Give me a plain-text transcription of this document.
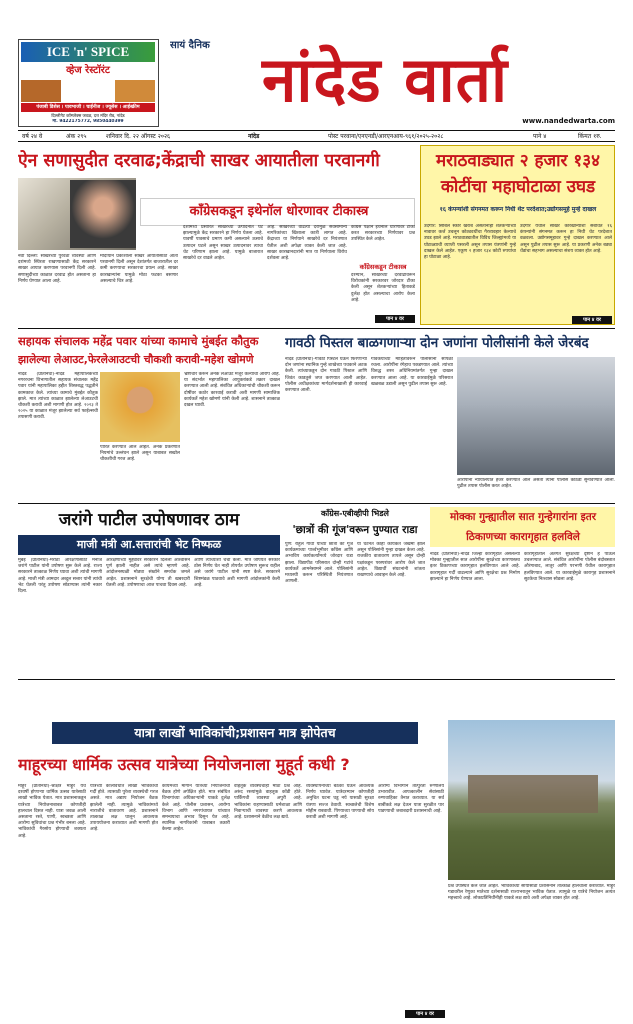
ICE 'n' SPICE
व्हेज रेस्टॉरंट
पंजाबी डिशेस । पावभाजी । चाईनीज । ज्यूसेस । आईस्क्रीम
दिल्लीगेट कॉम्प्लेक्स जवळ, दत्त मंदिर रोड, नांदेड
मो. 9422175772, 9850440399
सायं दैनिक नांदेड वार्ता
www.nandedwarta.com
वर्ष २४ वे	अंक २९५	शनिवार दि. २२ ऑगस्ट २०२६	नांदेड	पोस्ट परवाना/एनएनडी/आरएनआय-९६१/२०२५-२०२८	पाने ४	किंमत १रु.
ऐन सणासुदीत दरवाढ;केंद्राची साखर आयातीला परवानगी
कॉंग्रेसकडून इथेनॉल धोरणावर टीकास्त्र

नवी दिल्ली: साखरेच्या पुरवठा व्यवस्था आणि दरांमध्ये स्थिरता राखण्यासाठी केंद्र सरकारने साखर आयात करण्यास परवानगी दिली आहे. सणासुदीच्या काळात दरवाढ होत असताना हा निर्णय घेण्यात आला आहे.

मोदीयाने प्रकाशाला साखर आयातीसाठी आता परवानगी दिली असून देशांतर्गत बाजारातील दर कमी करण्याचा सरकारचा प्रयत्न आहे. साखर कारखान्यांना यामुळे मोठा फटका बसणार असल्याचे चित्र आहे.

देशामध्ये प्रसारित साखरेच्या उत्पादनात घट झाल्यामुळे केंद्र सरकारने हा निर्णय घेतला आहे. यावर्षी पावसाचे प्रमाण कमी असल्याने ऊसाचे उत्पादन घटले असून साखर उत्पादनावर त्याचा थेट परिणाम झाला आहे. यामुळे बाजारात साखरेचे दर वाढले आहेत.

आहे. साखरेच्या वाढत्या दरांमुळे सर्वसामान्य नागरिकांच्या खिशाला कात्री लागत आहे. केंद्राच्या या निर्णयाने साखरेचे दर नियंत्रणात येतील अशी अपेक्षा व्यक्त केली जात आहे. साखर कारखानदारांनी मात्र या निर्णयाला विरोध दर्शवला आहे.

काँग्रेस पक्षाने इथेनॉल धोरणावर टीका करत सरकारच्या निर्णयावर प्रश्न उपस्थित केले आहेत.

कॉंग्रेसकडून टीकास्त्र

दरम्यान, साखरेच्या दरवाढीवरून विरोधकांनी सरकारवर जोरदार टीका केली असून शेतकऱ्यांच्या हिताकडे दुर्लक्ष होत असल्याचा आरोप केला आहे.

पान ४ वर
मराठवाड्यात २ हजार १३४ कोटींचा महाघोटाळा उघड
१६ कंपन्यांशी संगनमत करून निधी थेट परदेशात;उद्योगसमूहे मुन्हे दाखल

उदगीर: सिबिल स्कोर खराब असतानाही शेतकऱ्यांच्या नावावर कर्ज उचलून कोट्यवधींचा गैरव्यवहार केल्याचे उघड झाले आहे. मराठवाड्यातील विविध जिल्ह्यांमध्ये या घोटाळ्याची व्याप्ती पसरली असून तपास यंत्रणांनी गुन्हे दाखल केले आहेत. एकूण २ हजार १३४ कोटी रुपयांचा हा घोटाळा आहे.

उदगीर येथील साखर कारखान्याशी संबंधित १६ कंपन्यांनी संगनमत करून हा निधी थेट परदेशात वळवला. उद्योगसमूहावर गुन्हे दाखल करण्यात आले असून पुढील तपास सुरू आहे. या प्रकरणी अनेक बड्या धेंडांचा सहभाग असल्याचा संशय व्यक्त होत आहे.

पान ४ वर
सहायक संचालक महेंद्र पवार यांच्या कामाचे मुंबईत कौतुक
झालेल्या लेआउट,फेरलेआउटची चौकशी करावी-महेश खोमणे

नांदेड (प्रतिनिधी)-नांदेड महापालिकेच्या नगररचना विभागातील सहायक संचालक महेंद्र पवार यांनी महापालिका हद्दीत शिस्तबद्ध पद्धतीने कामकाज केले. त्यांच्या कामाचे मुंबईत कौतुक झाले. मात्र त्यांच्या काळात झालेल्या लेआउटची चौकशी करावी अशी मागणी होत आहे. २०२३ ते २०२५ या काळात मंजूर झालेल्या सर्व फाईल्सची तपासणी करावी.

पारित करण्यात आले आहेत. अनेक प्रकरणात नियमांचे उल्लंघन झाले असून याबाबत सखोल चौकशीची गरज आहे.

भ्रष्टाचार करून अनेक लेआउट मंजूर केल्याचा आरोप आहे. या संदर्भात महापालिका आयुक्तांकडे तक्रार दाखल करण्यात आली आहे. संबंधित अधिकाऱ्यांची चौकशी करून दोषींवर कठोर कारवाई करावी अशी मागणी सामाजिक कार्यकर्ते महेश खोमणे यांनी केली आहे. शासनाने तात्काळ दखल घ्यावी.

गावठी पिस्तल बाळगणाऱ्या दोन जणांना पोलीसांनी केले जेरबंद

नांदेड (प्रतिनिधी)-गावठी पिस्टल घेऊन फिरणाऱ्या दोन जणांना स्थानिक गुन्हे शाखेच्या पथकाने अटक केली. त्यांच्याकडून दोन गावठी पिस्टल आणि जिवंत काडतुसे जप्त करण्यात आली आहेत. पोलीस अधीक्षकांच्या मार्गदर्शनाखाली ही कारवाई करण्यात आली.

गावकर्यांच्या माहितीवरून पोलीसांनी सापळा रचला. आरोपींना रंगेहाथ पकडण्यात आले. त्यांच्या विरुद्ध शस्त्र अधिनियमांतर्गत गुन्हा दाखल करण्यात आला आहे. या कारवाईमुळे परिसरात खळबळ उडाली असून पुढील तपास सुरू आहे.

आरोपींना न्यायालयात हजर करण्यात आले असता त्यांना पोलीस कोठडी सुनावण्यात आली. पुढील तपास पोलीस करत आहेत.

जरांगे पाटील उपोषणावर ठाम
माजी मंत्री आ.सत्तारांची भेट निष्फळ

मुंबई (प्रतिनिधी)-मराठा आरक्षणासाठी मनोज जरांगे पाटील यांनी उपोषण सुरू केले आहे. राज्य सरकारने तात्काळ निर्णय घ्यावा अशी त्यांची मागणी आहे. माजी मंत्री आमदार अब्दुल सत्तार यांनी त्यांची भेट घेतली परंतु उपोषण सोडण्यास त्यांनी नकार दिला.

आरक्षणाच्या मुद्द्यावर सरकारने दिलेली आश्वासने पूर्ण झाली नाहीत असे त्यांचे म्हणणे आहे. आंदोलनस्थळी मोठ्या संख्येने समर्थक जमले आहेत. प्रशासनाने सुरक्षेची योग्य ती खबरदारी घेतली आहे. उपोषणाचा आज पाचवा दिवस आहे.

आणि त्यांच्याशी चर्चा केली. मात्र जोपर्यंत सरकार ठोस निर्णय घेत नाही तोपर्यंत उपोषण सुरूच राहील असे जरांगे पाटील यांनी स्पष्ट केले. सरकारने शिष्टमंडळ पाठवावे अशी मागणी आंदोलकांनी केली आहे.

काँग्रेस-एबीव्हीपी भिडले
'छात्रों की गूंज'वरून पुण्यात राडा

पुणे: राहुल गांधी यांच्या छात्रों की गूंज कार्यक्रमाच्या पार्श्वभूमीवर काँग्रेस आणि अभाविप कार्यकर्त्यांमध्ये जोरदार राडा झाला. विद्यापीठ परिसरात दोन्ही गटांचे कार्यकर्ते आमनेसामने आले. पोलिसांनी मध्यस्थी करून परिस्थिती नियंत्रणात आणली.

या घटनेत काही कार्यकर्ते जखमी झाले असून पोलिसांनी गुन्हा दाखल केला आहे. राजकीय वातावरण तापले असून दोन्ही पक्षांकडून परस्परांवर आरोप केले जात आहेत. विद्यार्थी संघटनांनी शांतता राखण्याचे आवाहन केले आहे.

मोक्का गुन्ह्यातील सात गुन्हेगारांना इतर ठिकाणच्या कारागृहात हलविले

नांदेड (प्रतिनिधी)-नांदेड जिल्हा कारागृहात असलेल्या मोक्का गुन्ह्यातील सात आरोपींना सुरक्षेच्या कारणास्तव इतर ठिकाणच्या कारागृहात हलविण्यात आले आहे. कारागृहात गर्दी वाढल्याने आणि सुरक्षेचा प्रश्न निर्माण झाल्याने हा निर्णय घेण्यात आला.

कारागृहातील अंतर्गत सुरक्षेच्या दृष्टीने हे पाऊल उचलण्यात आले. संबंधित आरोपींना पोलीस बंदोबस्तात औरंगाबाद, लातूर आणि परभणी येथील कारागृहात हलविण्यात आले. या कारवाईमुळे कारागृह प्रशासनाने सुटकेचा निःश्वास सोडला आहे.

यात्रा लाखों भाविकांची;प्रशासन मात्र झोपेतच
माहूरच्या धार्मिक उत्सव यात्रेच्या नियोजनाला मुहूर्त कधी ?

माहूर (प्रतिनिधी)-श्रीक्षेत्र माहूर येथे दरवर्षी होणाऱ्या धार्मिक उत्सव यात्रेसाठी लाखो भाविक येतात. मात्र प्रशासनाकडून यात्रेच्या नियोजनाबाबत कोणतीही हालचाल दिसत नाही. यात्रा जवळ आली असताना रस्ते, पाणी, स्वच्छता आणि आरोग्य सुविधांचा प्रश्न गंभीर बनला आहे. भाविकांची गैरसोय होण्याची शक्यता आहे.

यात्रेच्या कालावधीत लाखो भाविकांची गर्दी होते. त्यासाठी पुरेशा व्यवस्थेची गरज असते. मात्र अद्याप नियोजन बैठक झालेली नाही. त्यामुळे भाविकांमध्ये नाराजीचे वातावरण आहे. प्रशासनाने तात्काळ लक्ष घालून आवश्यक उपाययोजना कराव्यात अशी मागणी होत आहे.

कायमच्या मार्गाने यात्रेच्या नियोजनाची बैठक होणे अपेक्षित होते. मात्र संबंधित विभागांच्या अधिकाऱ्यांनी याकडे दुर्लक्ष केले आहे. पोलीस प्रशासन, आरोग्य विभाग आणि नगरपंचायत यांच्यात समन्वयाचा अभाव दिसून येत आहे. स्थानिक नागरिकांनी याबाबत तक्रारी केल्या आहेत.

वाहतूक व्यवस्थेचाही मोठा प्रश्न आहे. अरुंद रस्त्यांमुळे वाहतूक कोंडी होते. पार्किंगची व्यवस्था अपुरी आहे. भाविकांना राहण्यासाठी धर्मशाळा आणि निवाऱ्याची व्यवस्था करणे आवश्यक आहे. प्रशासनाने वेळीच लक्ष द्यावे.

व्यवस्थापनाच्या बैठका घेऊन आवश्यक निर्णय घ्यावेत. यात्रेदरम्यान कोणतीही अनुचित घटना घडू नये यासाठी सुरक्षा यंत्रणा सज्ज ठेवावी. स्वच्छतेची विशेष मोहीम राबवावी. पिण्याच्या पाण्याची सोय करावी अशी मागणी आहे.

आरोग्य विभागाने तात्पुरती रुग्णालये उभारावीत. आपत्कालीन सेवांसाठी रुग्णवाहिका तैनात कराव्यात. या सर्व बाबींकडे लक्ष देऊन यात्रा सुरळीत पार पाडण्याची जबाबदारी प्रशासनाची आहे.

प्रश्न उपस्थित केले जात आहेत. भाविकांच्या सोयीसाठी प्रशासनाने तात्काळ हालचाली कराव्यात. माहूर गडावरील रेणुका मातेच्या दर्शनासाठी राज्यभरातून भाविक येतात. त्यामुळे या यात्रेचे नियोजन अत्यंत महत्त्वाचे आहे. लोकप्रतिनिधींनीही याकडे लक्ष द्यावे अशी अपेक्षा व्यक्त होत आहे.

पान ४ वर
